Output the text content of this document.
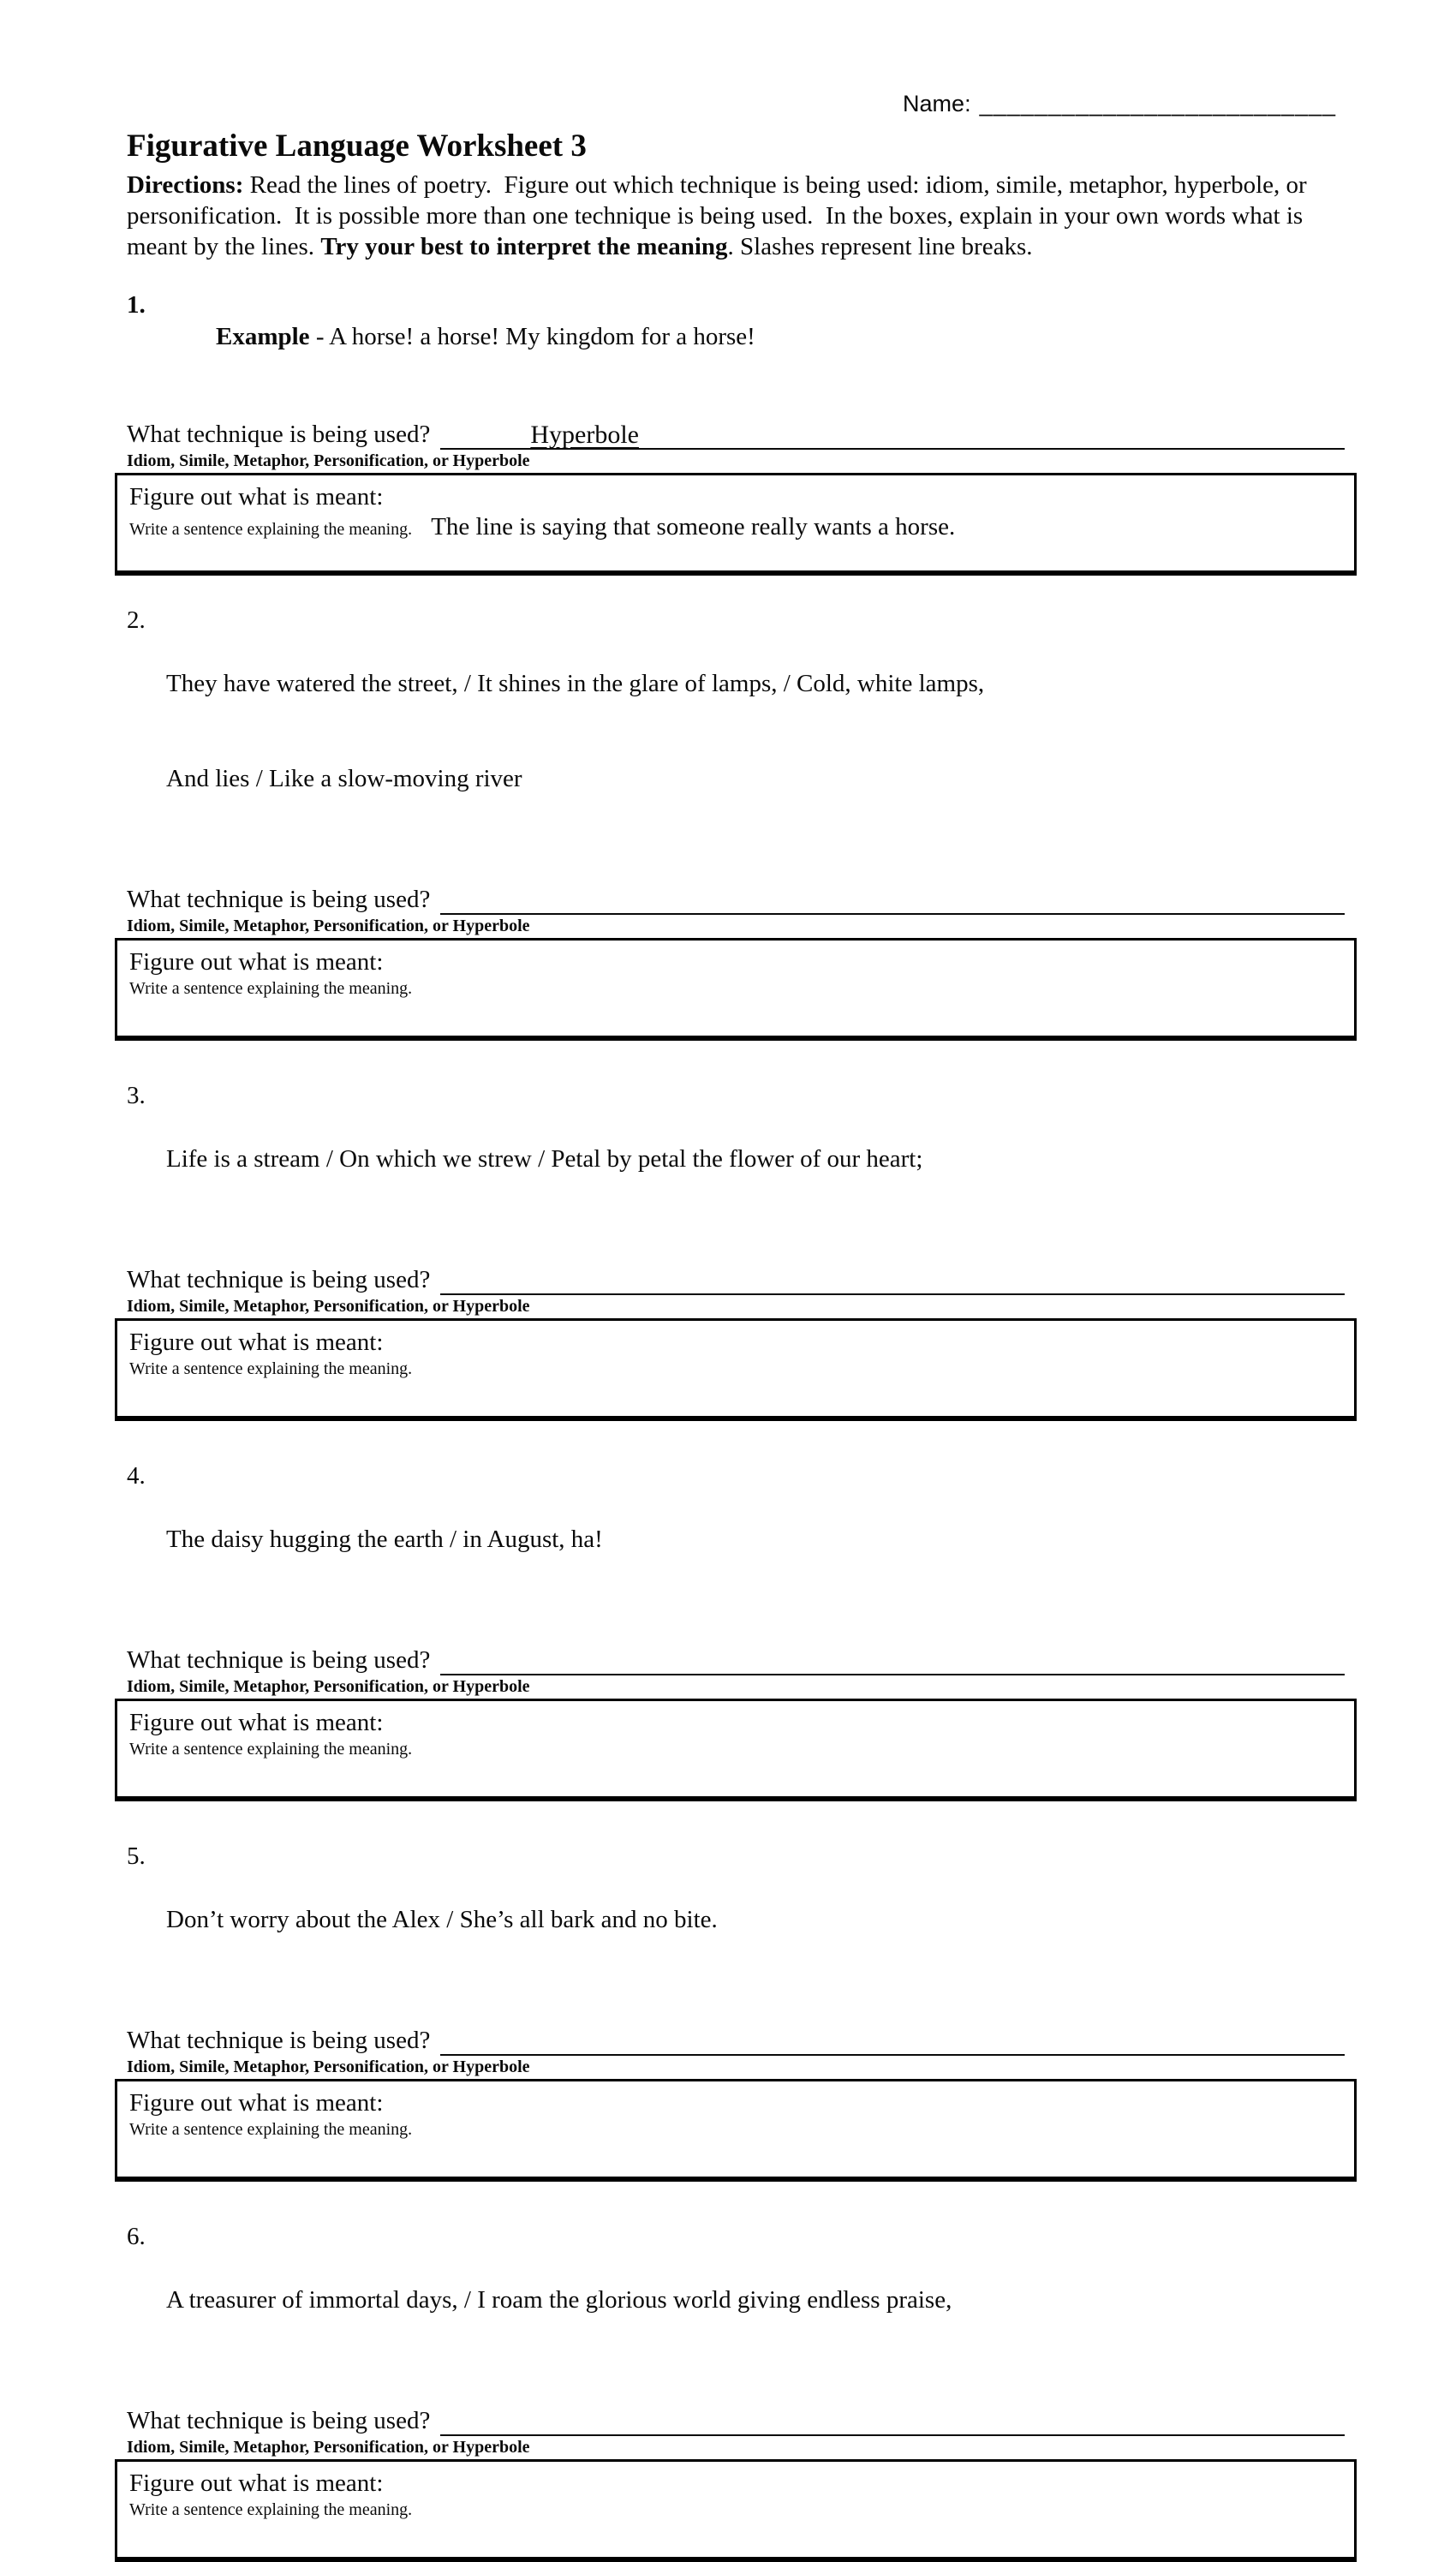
Name: __________________________
Figurative Language Worksheet 3

Directions: Read the lines of poetry.  Figure out which technique is being used: idiom, simile, metaphor, hyperbole, or personification.  It is possible more than one technique is being used.  In the boxes, explain in your own words what is meant by the lines. Try your best to interpret the meaning. Slashes represent line breaks.

1.

Example - A horse! a horse! My kingdom for a horse!

What technique is being used?	Hyperbole
Idiom, Simile, Metaphor, Personification, or Hyperbole
Figure out what is meant:
Write a sentence explaining the meaning. The line is saying that someone really wants a horse.
2.

They have watered the street, / It shines in the glare of lamps, / Cold, white lamps,

And lies / Like a slow-moving river

What technique is being used?
Idiom, Simile, Metaphor, Personification, or Hyperbole
Figure out what is meant:
Write a sentence explaining the meaning.
3.

Life is a stream / On which we strew / Petal by petal the flower of our heart;

What technique is being used?
Idiom, Simile, Metaphor, Personification, or Hyperbole
Figure out what is meant:
Write a sentence explaining the meaning.
4.

The daisy hugging the earth / in August, ha!

What technique is being used?
Idiom, Simile, Metaphor, Personification, or Hyperbole
Figure out what is meant:
Write a sentence explaining the meaning.
5.

Don’t worry about the Alex / She’s all bark and no bite.

What technique is being used?
Idiom, Simile, Metaphor, Personification, or Hyperbole
Figure out what is meant:
Write a sentence explaining the meaning.
6.

A treasurer of immortal days, / I roam the glorious world giving endless praise,

What technique is being used?
Idiom, Simile, Metaphor, Personification, or Hyperbole
Figure out what is meant:
Write a sentence explaining the meaning.
